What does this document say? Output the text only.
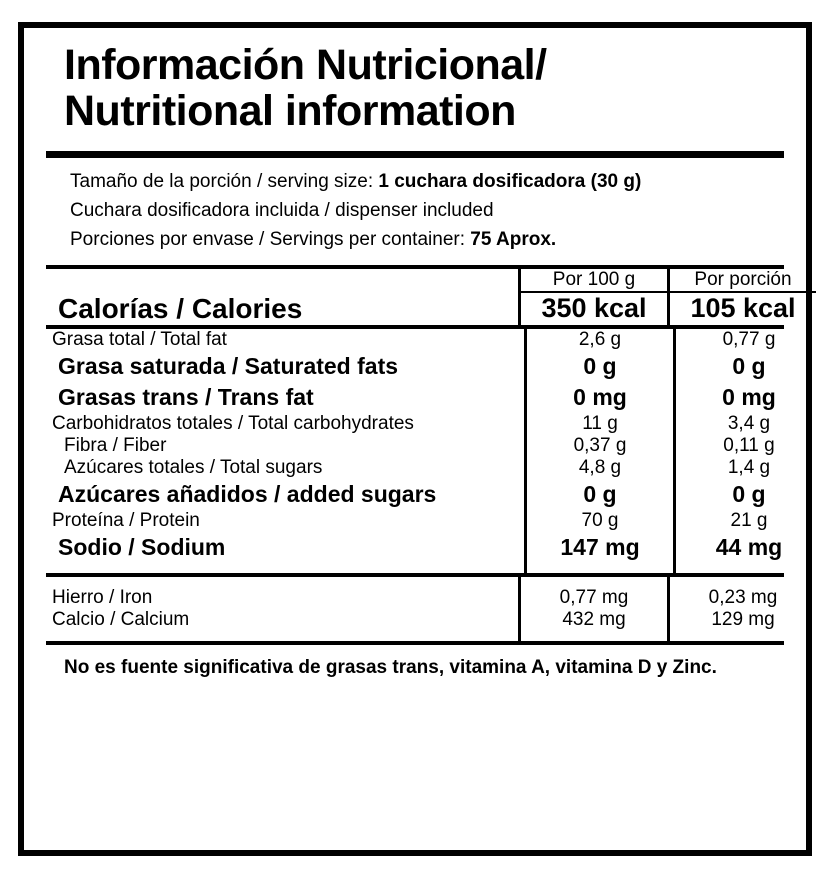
Información Nutricional/
Nutritional information
Tamaño de la porción / serving size: 1 cuchara dosificadora (30 g)
Cuchara dosificadora incluida / dispenser included
Porciones por envase / Servings per container: 75 Aprox.
	Por 100 g	Por porción

Calorías / Calories	350 kcal	105 kcal
Grasa total / Total fat	2,6 g	0,77 g
Grasa saturada / Saturated fats	0 g	0 g
Grasas trans / Trans fat	0 mg	0 mg
Carbohidratos totales / Total carbohydrates	11 g	3,4 g
Fibra / Fiber	0,37 g	0,11 g
Azúcares totales / Total sugars	4,8 g	1,4 g
Azúcares añadidos / added sugars	0 g	0 g
Proteína / Protein	70 g	21 g
Sodio / Sodium	147 mg	44 mg

Hierro / Iron	0,77 mg	0,23 mg
Calcio / Calcium	432 mg	129 mg

No es fuente significativa de grasas trans, vitamina A, vitamina D y Zinc.
